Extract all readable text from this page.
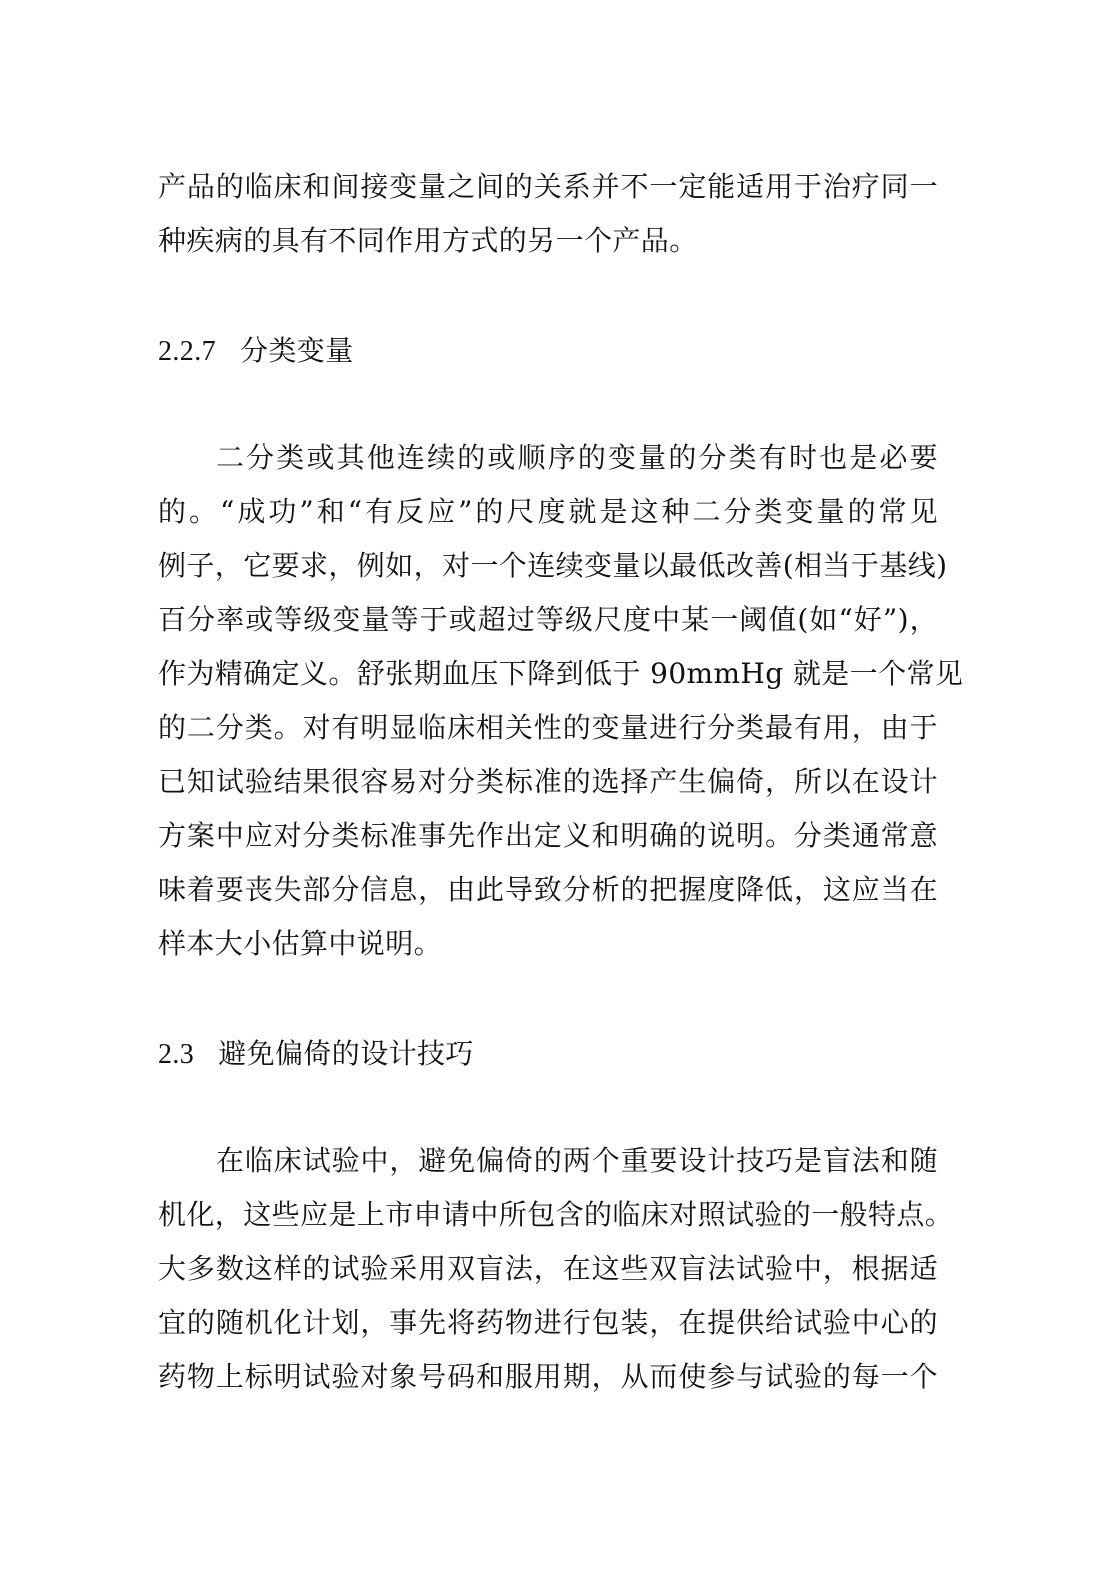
产品的临床和间接变量之间的关系并不一定能适用于治疗同一
种疾病的具有不同作用方式的另一个产品。
2.2.7 分类变量
二分类或其他连续的或顺序的变量的分类有时也是必要
的。“成功”和“有反应”的尺度就是这种二分类变量的常见
例子，它要求，例如，对一个连续变量以最低改善(相当于基线)
百分率或等级变量等于或超过等级尺度中某一阈值(如“好”)，
作为精确定义。舒张期血压下降到低于 90mmHg 就是一个常见
的二分类。对有明显临床相关性的变量进行分类最有用，由于
已知试验结果很容易对分类标准的选择产生偏倚，所以在设计
方案中应对分类标准事先作出定义和明确的说明。分类通常意
味着要丧失部分信息，由此导致分析的把握度降低，这应当在
样本大小估算中说明。
2.3 避免偏倚的设计技巧
在临床试验中，避免偏倚的两个重要设计技巧是盲法和随
机化，这些应是上市申请中所包含的临床对照试验的一般特点。
大多数这样的试验采用双盲法，在这些双盲法试验中，根据适
宜的随机化计划，事先将药物进行包装，在提供给试验中心的
药物上标明试验对象号码和服用期，从而使参与试验的每一个
